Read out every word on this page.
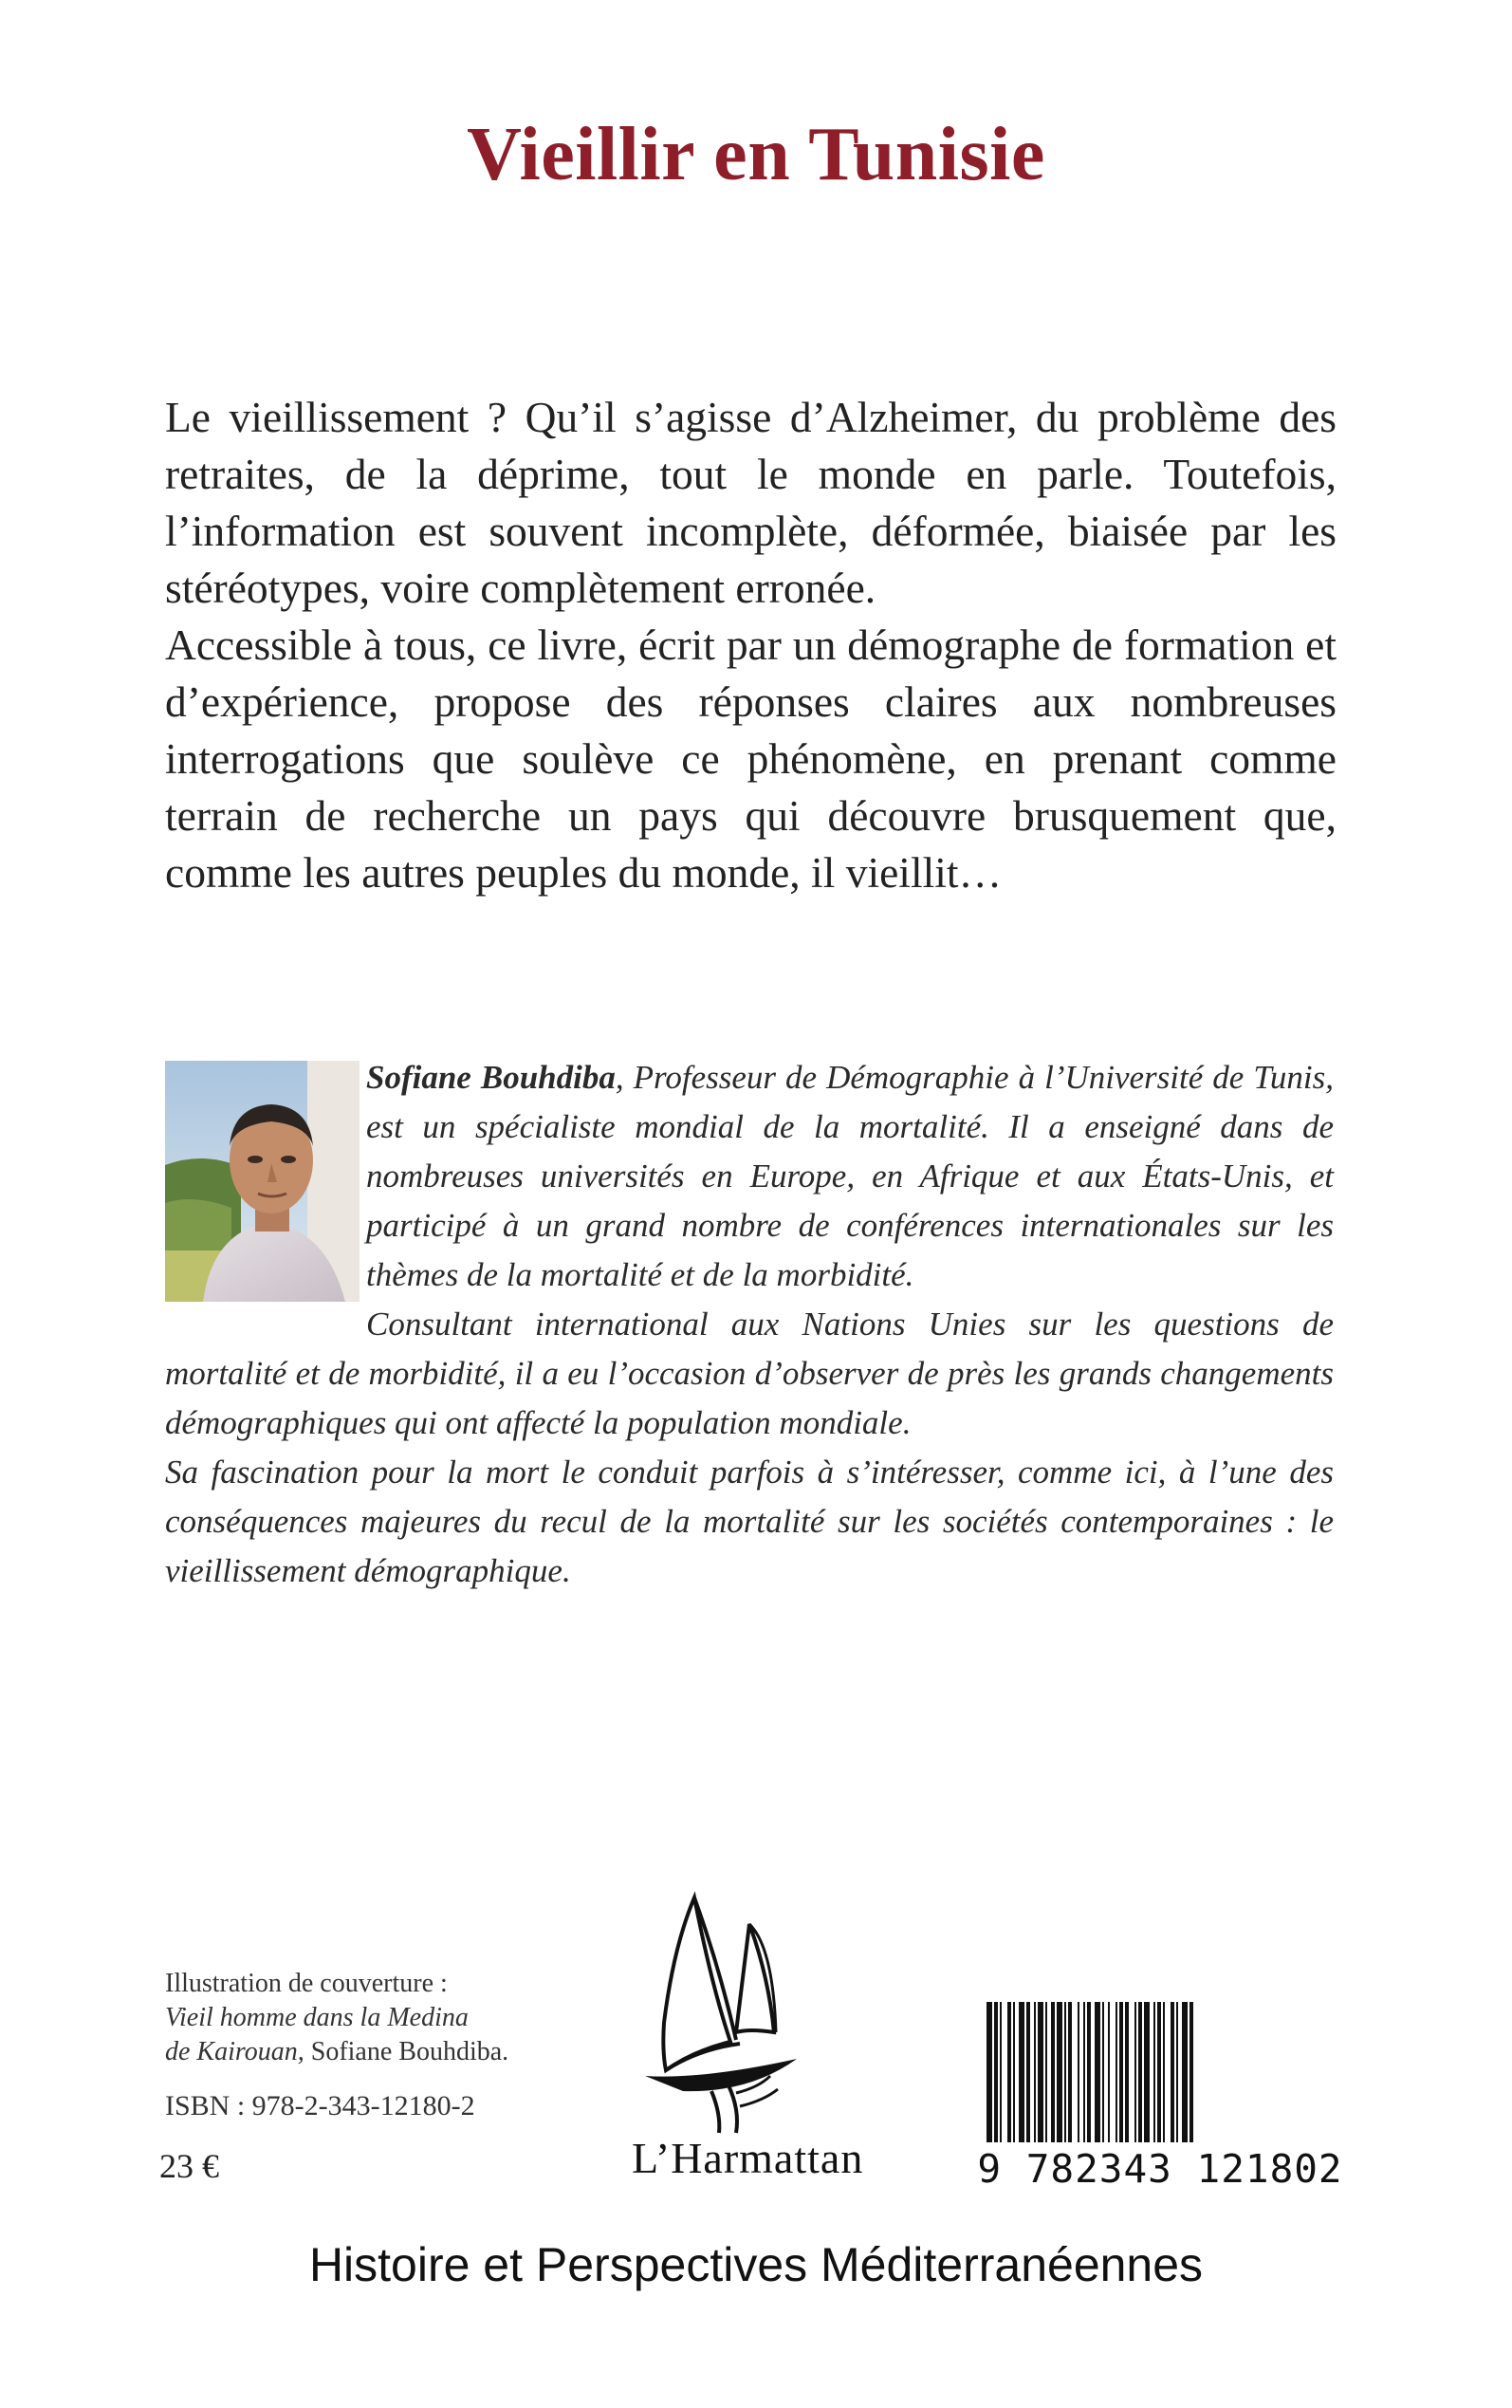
Vieillir en Tunisie

Le vieillissement ? Qu’il s’agisse d’Alzheimer, du problème des retraites, de la déprime, tout le monde en parle. Toutefois, l’information est souvent incomplète, déformée, biaisée par les stéréotypes, voire complètement erronée.

Accessible à tous, ce livre, écrit par un démographe de formation et d’expérience, propose des réponses claires aux nombreuses interrogations que soulève ce phénomène, en prenant comme terrain de recherche un pays qui découvre brusquement que, comme les autres peuples du monde, il vieillit…

Sofiane Bouhdiba, Professeur de Démographie à l’Université de Tunis, est un spécialiste mondial de la mortalité. Il a enseigné dans de nombreuses universités en Europe, en Afrique et aux États-Unis, et participé à un grand nombre de conférences internationales sur les thèmes de la mortalité et de la morbidité.

Consultant international aux Nations Unies sur les questions de mortalité et de morbidité, il a eu l’occasion d’observer de près les grands changements démographiques qui ont affecté la population mondiale.

Sa fascination pour la mort le conduit parfois à s’intéresser, comme ici, à l’une des conséquences majeures du recul de la mortalité sur les sociétés contemporaines : le vieillissement démographique.

Illustration de couverture :
Vieil homme dans la Medina
de Kairouan, Sofiane Bouhdiba.
ISBN : 978-2-343-12180-2
23 €	L’Harmattan	9 782343 121802
Histoire et Perspectives Méditerranéennes
